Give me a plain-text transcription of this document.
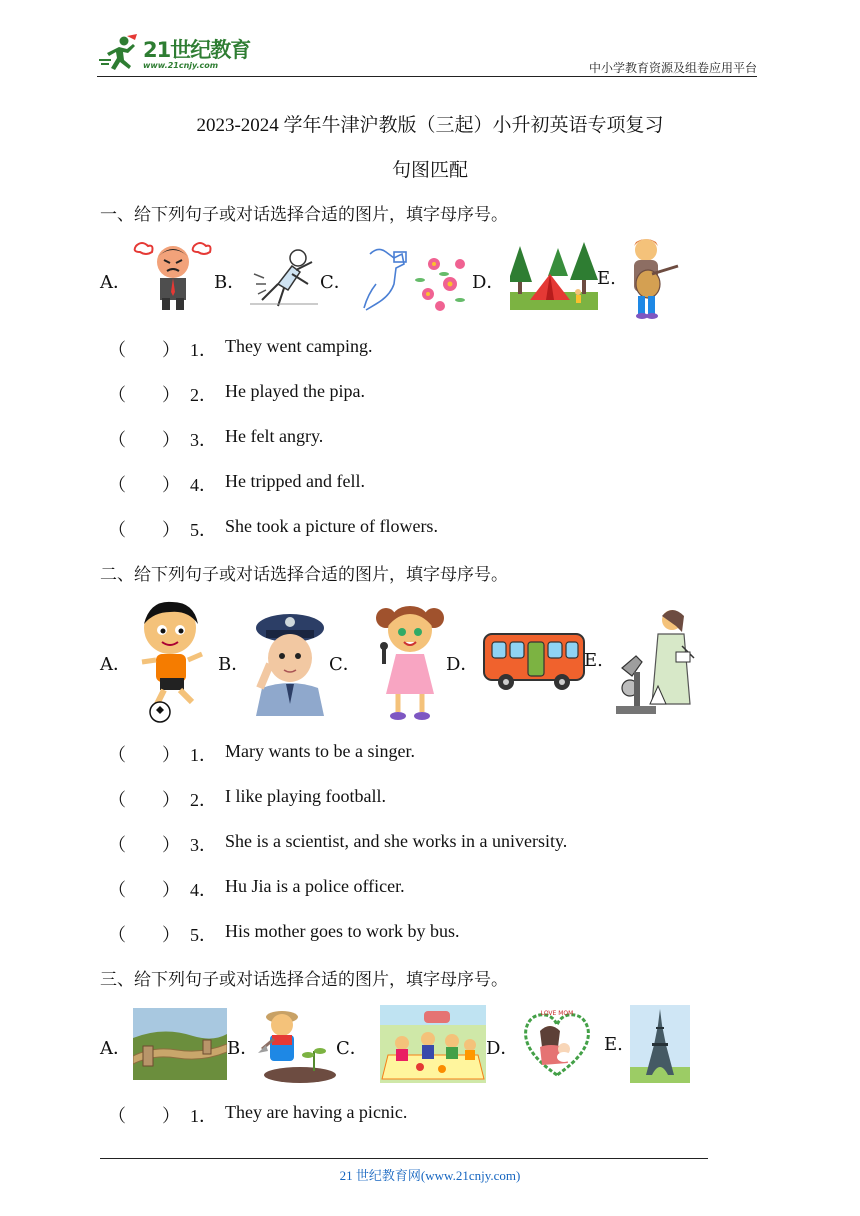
21世纪教育
www.21cnjy.com	中小学教育资源及组卷应用平台
2023-2024 学年牛津沪教版（三起）小升初英语专项复习
句图匹配
一、给下列句子或对话选择合适的图片，填字母序号。
A．	B．	C．	D．	E.
（　　） 1． They went camping.
（　　） 2． He played the pipa.
（　　） 3． He felt angry.
（　　） 4． He tripped and fell.
（　　） 5． She took a picture of flowers.
二、给下列句子或对话选择合适的图片，填字母序号。
A．	B．	C．	D．	E.
（　　） 1． Mary wants to be a singer.
（　　） 2． I like playing football.
（　　） 3． She is a scientist, and she works in a university.
（　　） 4． Hu Jia is a police officer.
（　　） 5． His mother goes to work by bus.
三、给下列句子或对话选择合适的图片，填字母序号。
A．	B．	C．	D．
LOVE MOM
E.
（　　） 1． They are having a picnic.
21 世纪教育网(www.21cnjy.com)
